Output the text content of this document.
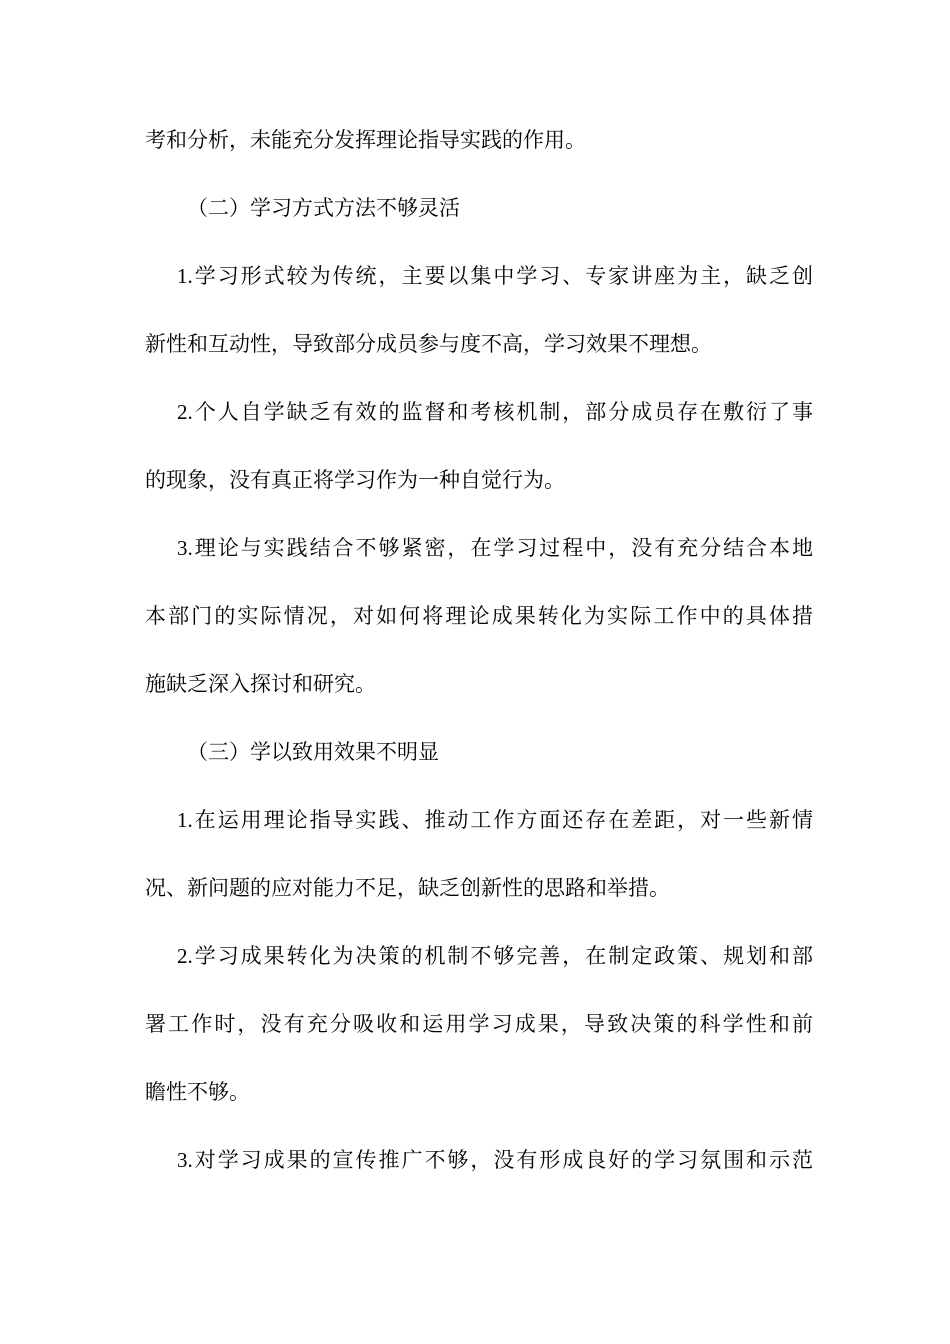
考和分析，未能充分发挥理论指导实践的作用。
（二）学习方式方法不够灵活
1.学习形式较为传统，主要以集中学习、专家讲座为主，缺乏创
新性和互动性，导致部分成员参与度不高，学习效果不理想。
2.个人自学缺乏有效的监督和考核机制，部分成员存在敷衍了事
的现象，没有真正将学习作为一种自觉行为。
3.理论与实践结合不够紧密，在学习过程中，没有充分结合本地
本部门的实际情况，对如何将理论成果转化为实际工作中的具体措
施缺乏深入探讨和研究。
（三）学以致用效果不明显
1.在运用理论指导实践、推动工作方面还存在差距，对一些新情
况、新问题的应对能力不足，缺乏创新性的思路和举措。
2.学习成果转化为决策的机制不够完善，在制定政策、规划和部
署工作时，没有充分吸收和运用学习成果，导致决策的科学性和前
瞻性不够。
3.对学习成果的宣传推广不够，没有形成良好的学习氛围和示范
